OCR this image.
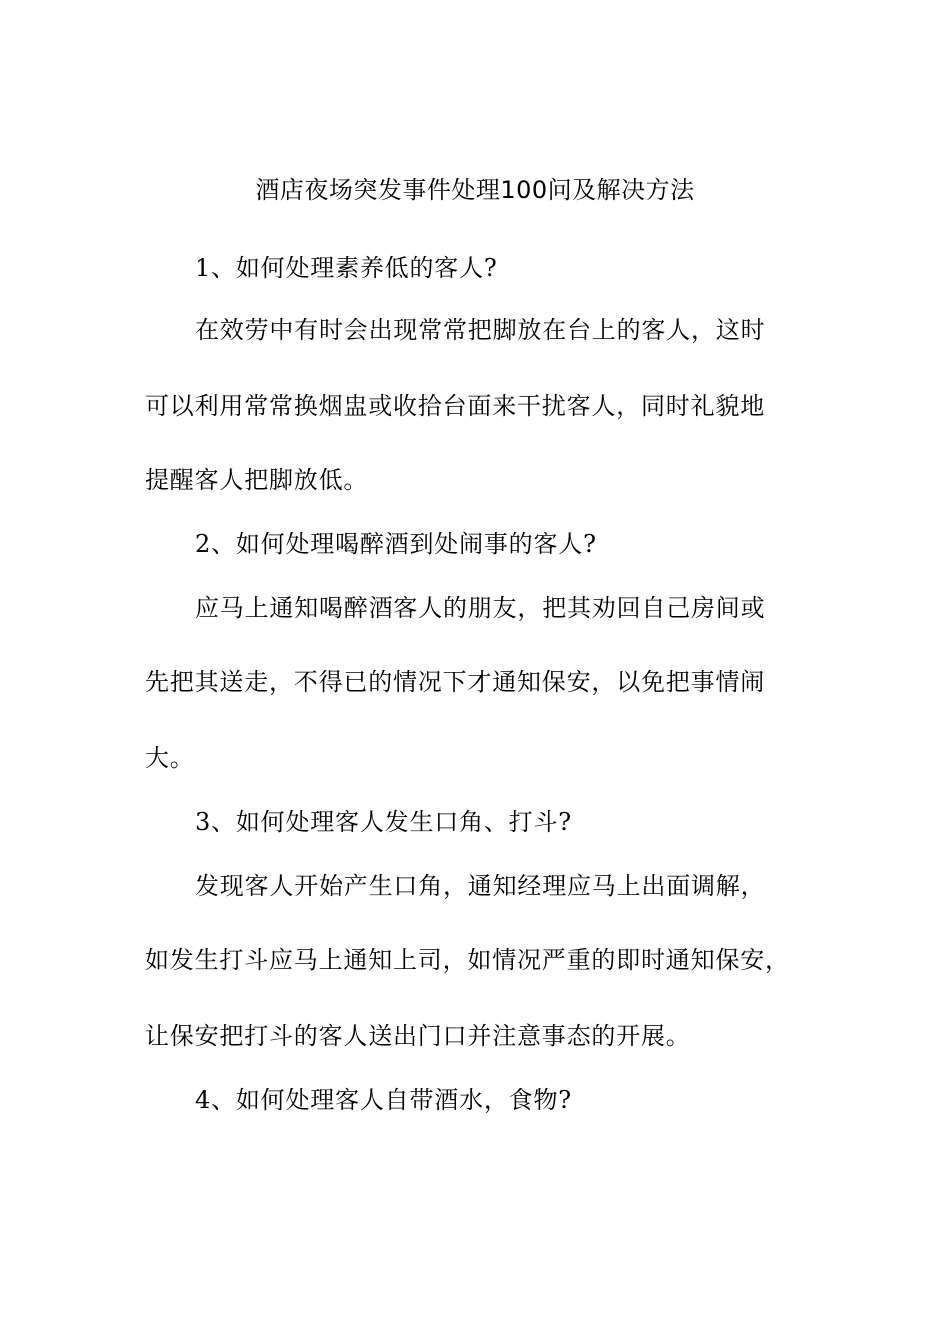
酒店夜场突发事件处理100问及解决方法
1、如何处理素养低的客人?
在效劳中有时会出现常常把脚放在台上的客人，这时
可以利用常常换烟盅或收拾台面来干扰客人，同时礼貌地
提醒客人把脚放低。
2、如何处理喝醉酒到处闹事的客人?
应马上通知喝醉酒客人的朋友，把其劝回自己房间或
先把其送走，不得已的情况下才通知保安，以免把事情闹
大。
3、如何处理客人发生口角、打斗?
发现客人开始产生口角，通知经理应马上出面调解，
如发生打斗应马上通知上司，如情况严重的即时通知保安，
让保安把打斗的客人送出门口并注意事态的开展。
4、如何处理客人自带酒水，食物?
